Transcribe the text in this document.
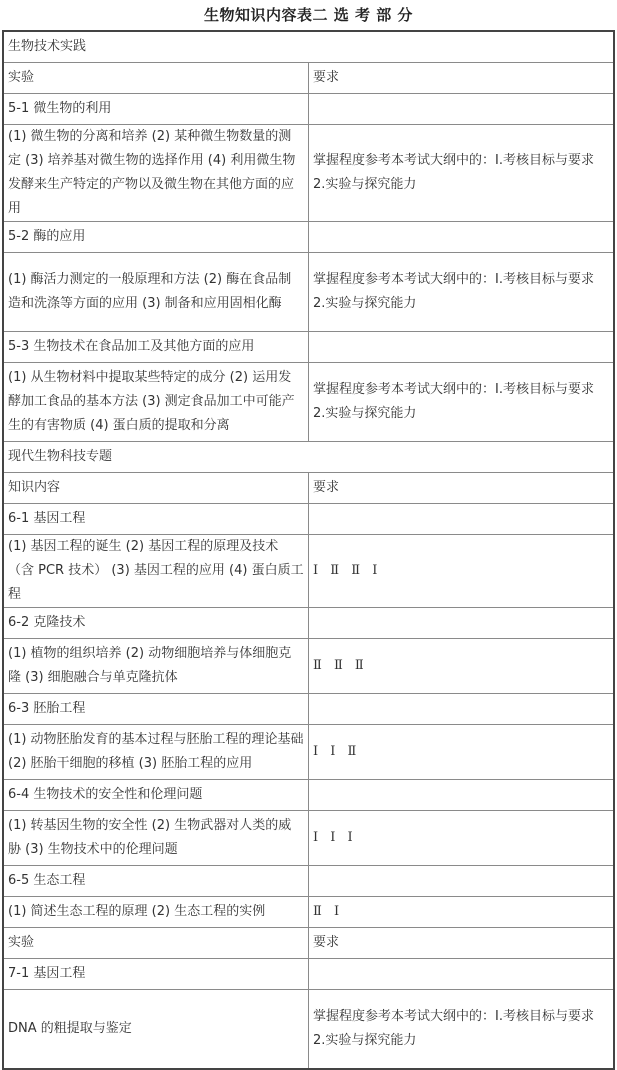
生物知识内容表二 选 考 部 分
生物技术实践	
实验	要求
5-1 微生物的利用	
(1) 微生物的分离和培养 (2) 某种微生物数量的测定 (3) 培养基对微生物的选择作用 (4) 利用微生物发酵来生产特定的产物以及微生物在其他方面的应用	掌握程度参考本考试大纲中的：Ⅰ.考核目标与要求 2.实验与探究能力
5-2 酶的应用	
(1) 酶活力测定的一般原理和方法 (2) 酶在食品制造和洗涤等方面的应用 (3) 制备和应用固相化酶	掌握程度参考本考试大纲中的：Ⅰ.考核目标与要求 2.实验与探究能力
5-3 生物技术在食品加工及其他方面的应用	
(1) 从生物材料中提取某些特定的成分 (2) 运用发酵加工食品的基本方法 (3) 测定食品加工中可能产生的有害物质 (4) 蛋白质的提取和分离	掌握程度参考本考试大纲中的：Ⅰ.考核目标与要求 2.实验与探究能力
现代生物科技专题	
知识内容	要求
6-1 基因工程	
(1) 基因工程的诞生 (2) 基因工程的原理及技术（含 PCR 技术） (3) 基因工程的应用 (4) 蛋白质工程	Ⅰ Ⅱ Ⅱ Ⅰ
6-2 克隆技术	
(1) 植物的组织培养 (2) 动物细胞培养与体细胞克隆 (3) 细胞融合与单克隆抗体	Ⅱ Ⅱ Ⅱ
6-3 胚胎工程	
(1) 动物胚胎发育的基本过程与胚胎工程的理论基础 (2) 胚胎干细胞的移植 (3) 胚胎工程的应用	Ⅰ Ⅰ Ⅱ
6-4 生物技术的安全性和伦理问题	
(1) 转基因生物的安全性 (2) 生物武器对人类的威胁 (3) 生物技术中的伦理问题	Ⅰ Ⅰ Ⅰ
6-5 生态工程	
(1) 简述生态工程的原理 (2) 生态工程的实例	Ⅱ Ⅰ
实验	要求
7-1 基因工程	
DNA 的粗提取与鉴定	掌握程度参考本考试大纲中的：Ⅰ.考核目标与要求 2.实验与探究能力
